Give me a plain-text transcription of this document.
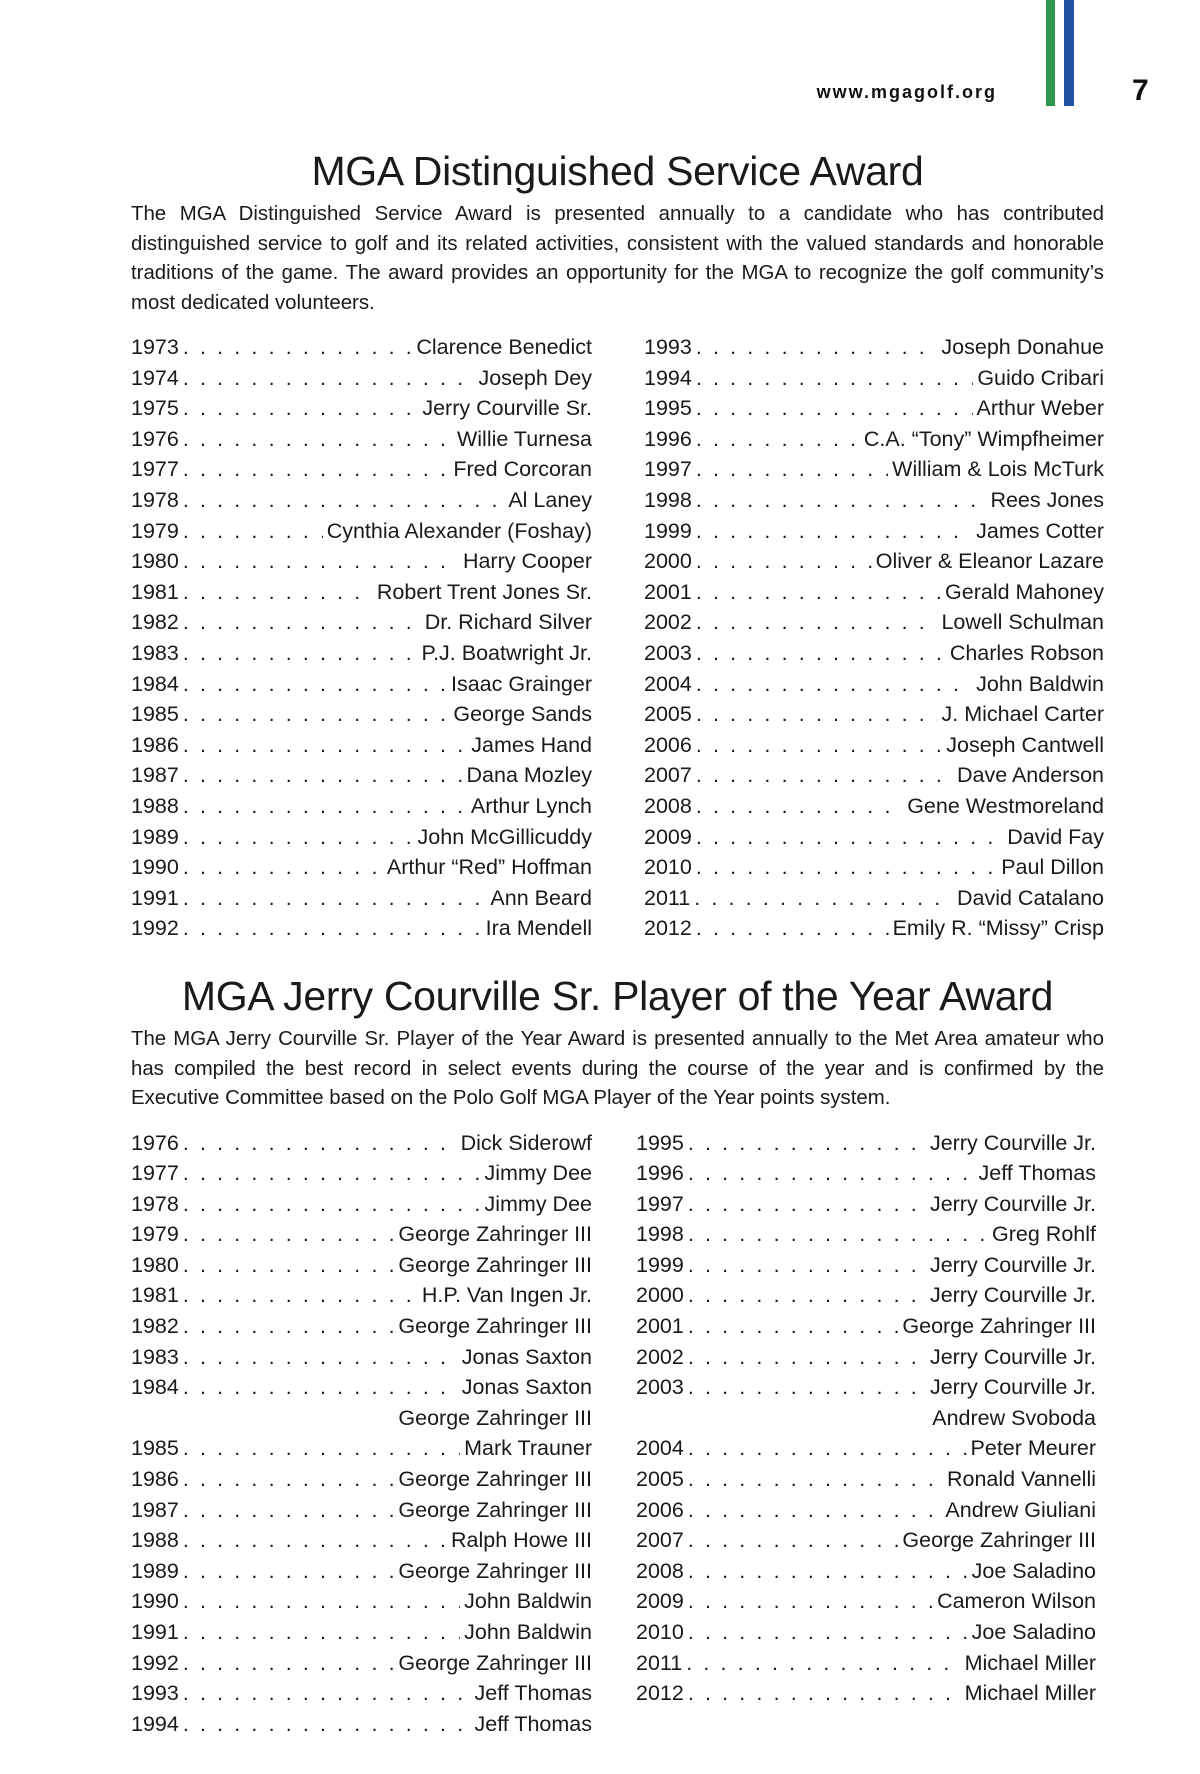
www.mgagolf.org	7
MGA Distinguished Service Award

The MGA Distinguished Service Award is presented annually to a candidate who has contributed distinguished service to golf and its related activities, consistent with the valued standards and honorable traditions of the game. The award provides an opportunity for the MGA to recognize the golf community’s most dedicated volunteers.

1973 . . .	Clarence Benedict
1974 . . .	Joseph Dey
1975 . . .	Jerry Courville Sr.
1976 . . .	Willie Turnesa
1977 . . .	Fred Corcoran
1978 . . .	Al Laney
1979 . . .	Cynthia Alexander (Foshay)
1980 . . .	Harry Cooper
1981 . . .	Robert Trent Jones Sr.
1982 . . .	Dr. Richard Silver
1983 . . .	P.J. Boatwright Jr.
1984 . . .	Isaac Grainger
1985 . . .	George Sands
1986 . . .	James Hand
1987 . . .	Dana Mozley
1988 . . .	Arthur Lynch
1989 . . .	John McGillicuddy
1990 . . .	Arthur “Red” Hoffman
1991 . . .	Ann Beard
1992 . . .	Ira Mendell
1993 . . .	Joseph Donahue
1994 . . .	Guido Cribari
1995 . . .	Arthur Weber
1996 . . .	C.A. “Tony” Wimpfheimer
1997 . . .	William & Lois McTurk
1998 . . .	Rees Jones
1999 . . .	James Cotter
2000 . . .	Oliver & Eleanor Lazare
2001 . . .	Gerald Mahoney
2002 . . .	Lowell Schulman
2003 . . .	Charles Robson
2004 . . .	John Baldwin
2005 . . .	J. Michael Carter
2006 . . .	Joseph Cantwell
2007 . . .	Dave Anderson
2008 . . .	Gene Westmoreland
2009 . . .	David Fay
2010 . . .	Paul Dillon
2011 . . .	David Catalano
2012 . . .	Emily R. “Missy” Crisp
MGA Jerry Courville Sr. Player of the Year Award

The MGA Jerry Courville Sr. Player of the Year Award is presented annually to the Met Area amateur who has compiled the best record in select events during the course of the year and is confirmed by the Executive Committee based on the Polo Golf MGA Player of the Year points system.

1976 . . .	Dick Siderowf
1977 . . .	Jimmy Dee
1978 . . .	Jimmy Dee
1979 . . .	George Zahringer III
1980 . . .	George Zahringer III
1981 . . .	H.P. Van Ingen Jr.
1982 . . .	George Zahringer III
1983 . . .	Jonas Saxton
1984 . . .	Jonas Saxton
George Zahringer III
1985 . . .	Mark Trauner
1986 . . .	George Zahringer III
1987 . . .	George Zahringer III
1988 . . .	Ralph Howe III
1989 . . .	George Zahringer III
1990 . . .	John Baldwin
1991 . . .	John Baldwin
1992 . . .	George Zahringer III
1993 . . .	Jeff Thomas
1994 . . .	Jeff Thomas
1995 . . .	Jerry Courville Jr.
1996 . . .	Jeff Thomas
1997 . . .	Jerry Courville Jr.
1998 . . .	Greg Rohlf
1999 . . .	Jerry Courville Jr.
2000 . . .	Jerry Courville Jr.
2001 . . .	George Zahringer III
2002 . . .	Jerry Courville Jr.
2003 . . .	Jerry Courville Jr.
Andrew Svoboda
2004 . . .	Peter Meurer
2005 . . .	Ronald Vannelli
2006 . . .	Andrew Giuliani
2007 . . .	George Zahringer III
2008 . . .	Joe Saladino
2009 . . .	Cameron Wilson
2010 . . .	Joe Saladino
2011 . . .	Michael Miller
2012 . . .	Michael Miller
